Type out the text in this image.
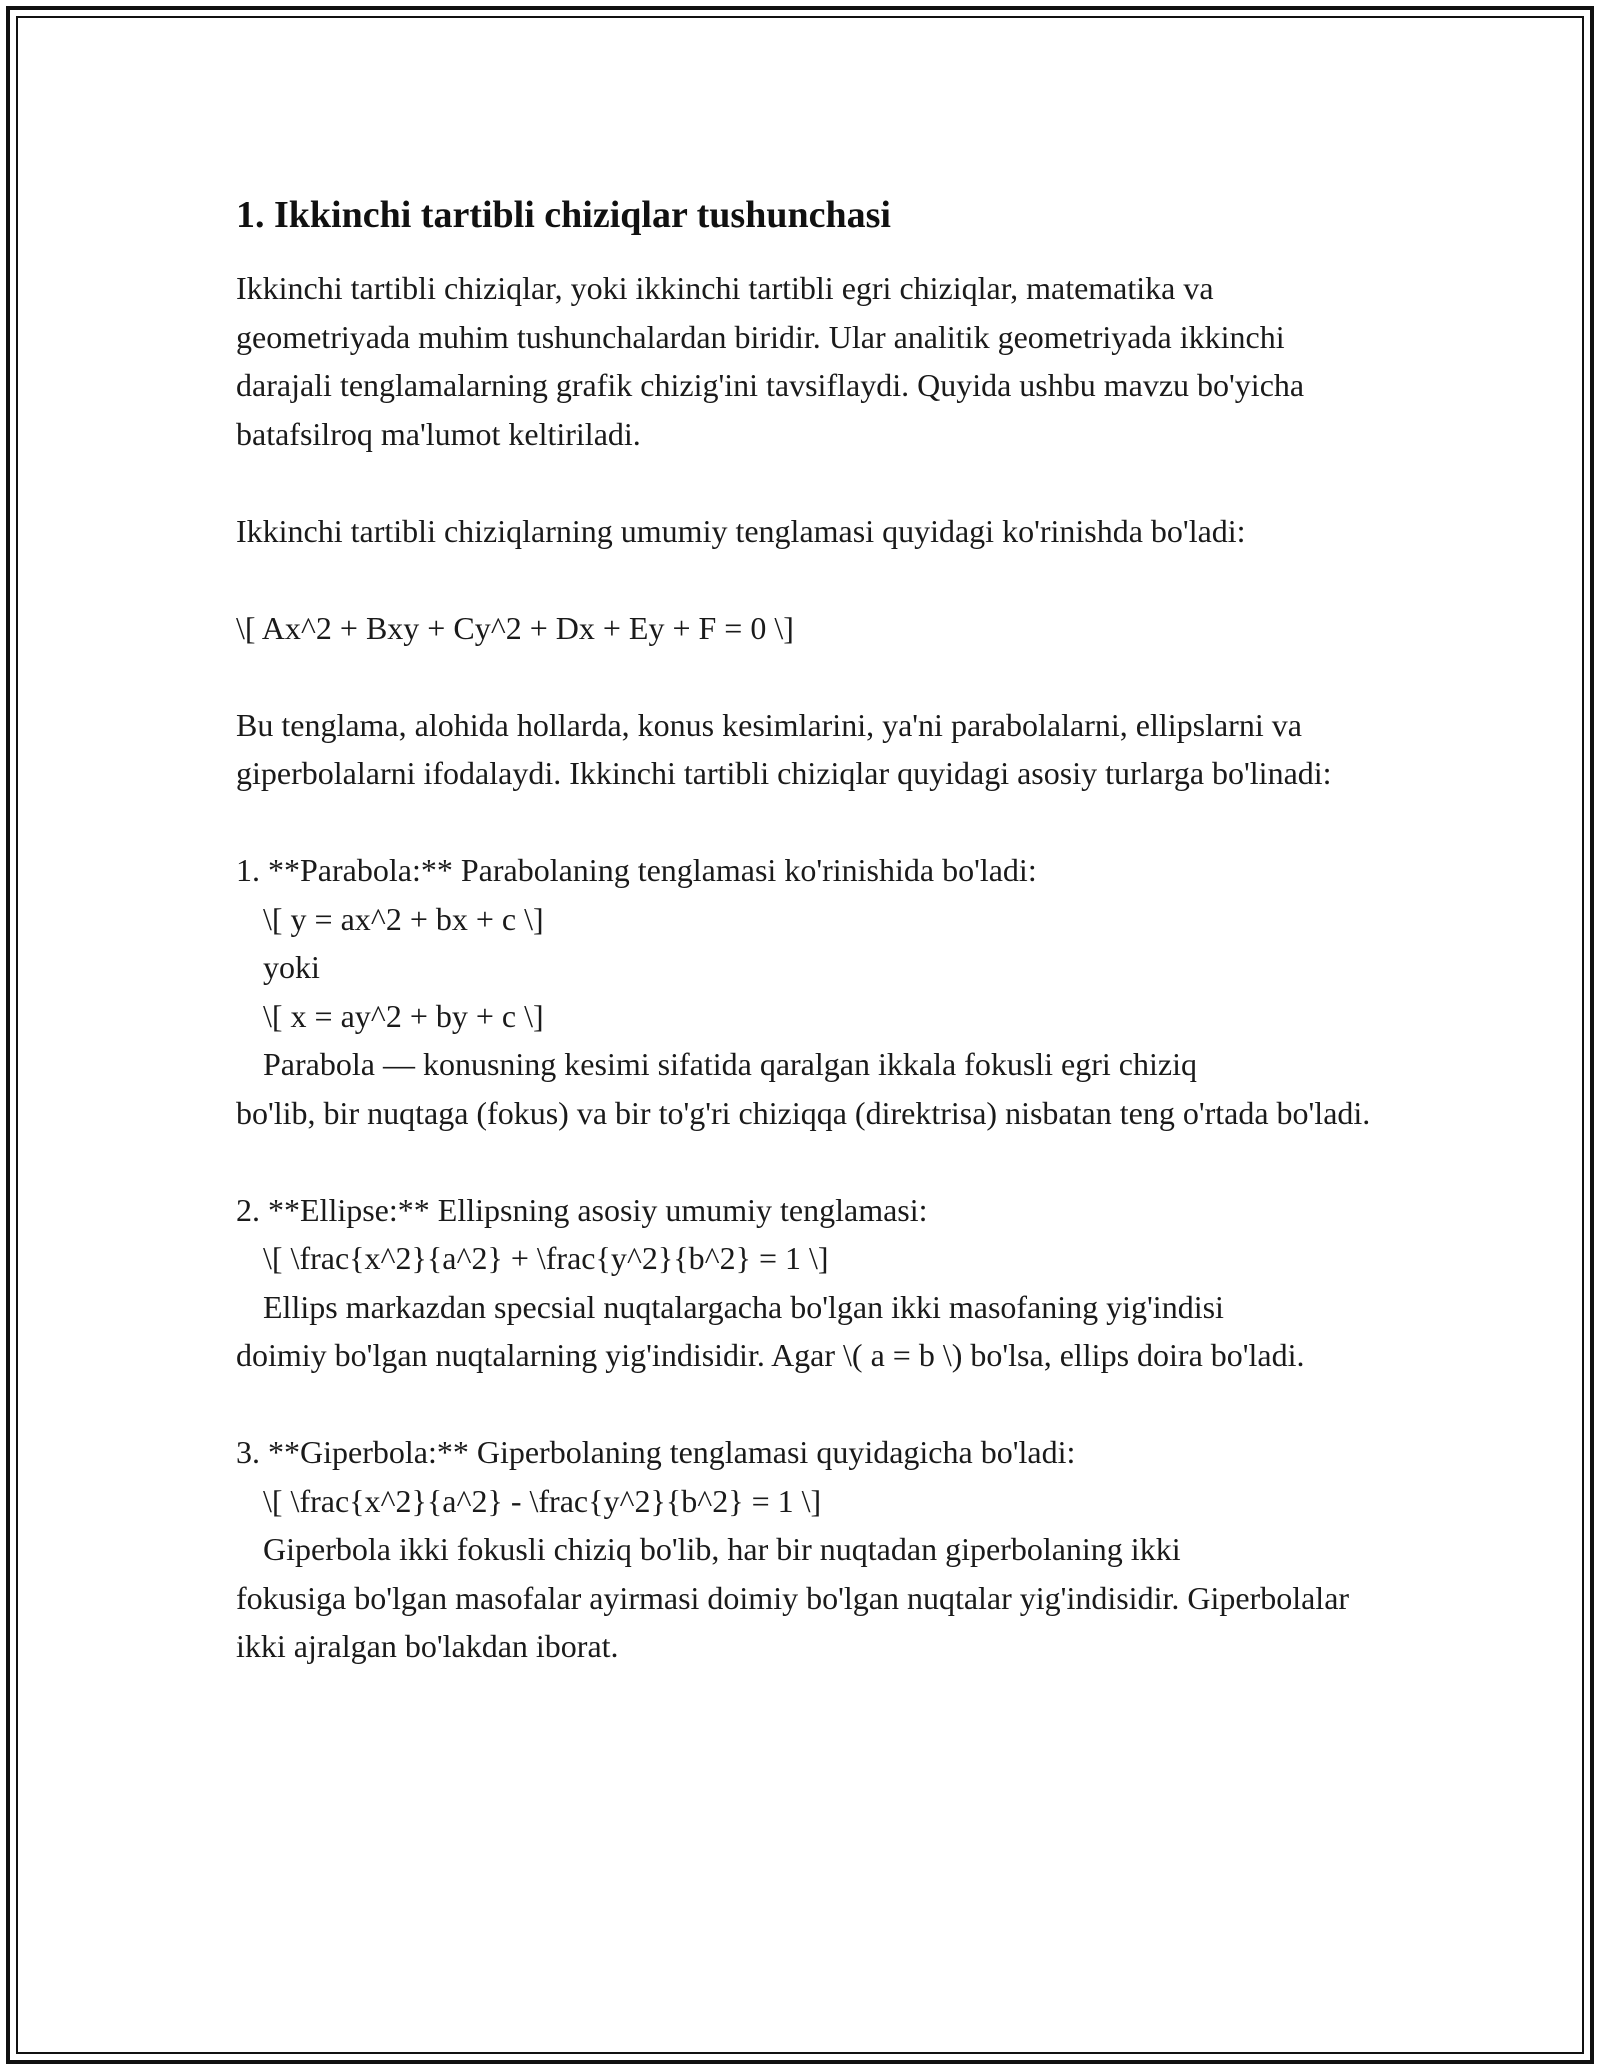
1. Ikkinchi tartibli chiziqlar tushunchasi

Ikkinchi tartibli chiziqlar, yoki ikkinchi tartibli egri chiziqlar, matematika va geometriyada muhim tushunchalardan biridir. Ular analitik geometriyada ikkinchi darajali tenglamalarning grafik chizig'ini tavsiflaydi. Quyida ushbu mavzu bo'yicha batafsilroq ma'lumot keltiriladi.

Ikkinchi tartibli chiziqlarning umumiy tenglamasi quyidagi ko'rinishda bo'ladi:

\[ Ax^2 + Bxy + Cy^2 + Dx + Ey + F = 0 \]

Bu tenglama, alohida hollarda, konus kesimlarini, ya'ni parabolalarni, ellipslarni va giperbolalarni ifodalaydi. Ikkinchi tartibli chiziqlar quyidagi asosiy turlarga bo'linadi:

1. **Parabola:** Parabolaning tenglamasi ko'rinishida bo'ladi:

\[ y = ax^2 + bx + c \]

yoki

\[ x = ay^2 + by + c \]

Parabola — konusning kesimi sifatida qaralgan ikkala fokusli egri chiziq

bo'lib, bir nuqtaga (fokus) va bir to'g'ri chiziqqa (direktrisa) nisbatan teng o'rtada bo'ladi.

2. **Ellipse:** Ellipsning asosiy umumiy tenglamasi:

\[ \frac{x^2}{a^2} + \frac{y^2}{b^2} = 1 \]

Ellips markazdan specsial nuqtalargacha bo'lgan ikki masofaning yig'indisi

doimiy bo'lgan nuqtalarning yig'indisidir. Agar \( a = b \) bo'lsa, ellips doira bo'ladi.

3. **Giperbola:** Giperbolaning tenglamasi quyidagicha bo'ladi:

\[ \frac{x^2}{a^2} - \frac{y^2}{b^2} = 1 \]

Giperbola ikki fokusli chiziq bo'lib, har bir nuqtadan giperbolaning ikki

fokusiga bo'lgan masofalar ayirmasi doimiy bo'lgan nuqtalar yig'indisidir. Giperbolalar ikki ajralgan bo'lakdan iborat.
